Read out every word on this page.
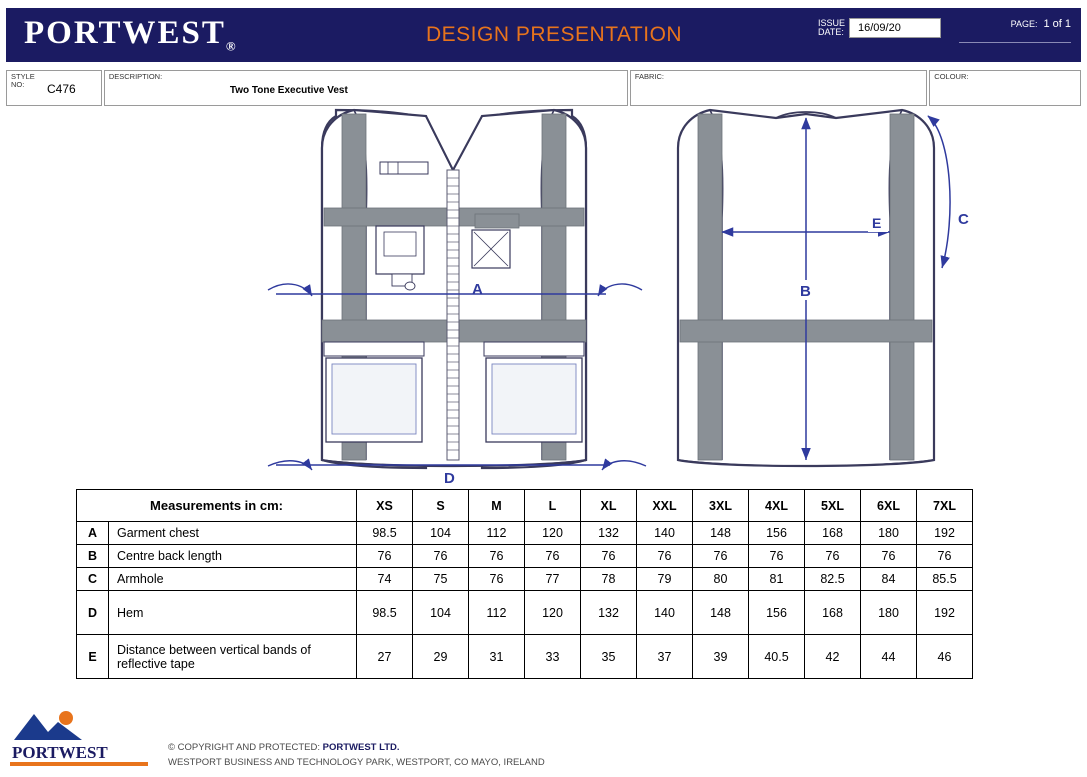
$PORTWEST_®$
DESIGN PRESENTATION
ISSUE
DATE:	16/09/20	PAGE: 1 of 1
STYLE
NO:	C476
DESCRIPTION:
Two Tone Executive Vest
FABRIC:	COLOUR:
A
D
B
E	C
Measurements in cm:		XS	S	M	L	XL	XXL	3XL	4XL	5XL	6XL	7XL
A	Garment chest	98.5	104	112	120	132	140	148	156	168	180	192
B	Centre back length	76	76	76	76	76	76	76	76	76	76	76
C	Armhole	74	75	76	77	78	79	80	81	82.5	84	85.5
D	Hem	98.5	104	112	120	132	140	148	156	168	180	192
E	Distance between vertical bands of reflective tape	27	29	31	33	35	37	39	40.5	42	44	46
PORTWEST	© COPYRIGHT AND PROTECTED: PORTWEST LTD.
WESTPORT BUSINESS AND TECHNOLOGY PARK, WESTPORT, CO MAYO, IRELAND
